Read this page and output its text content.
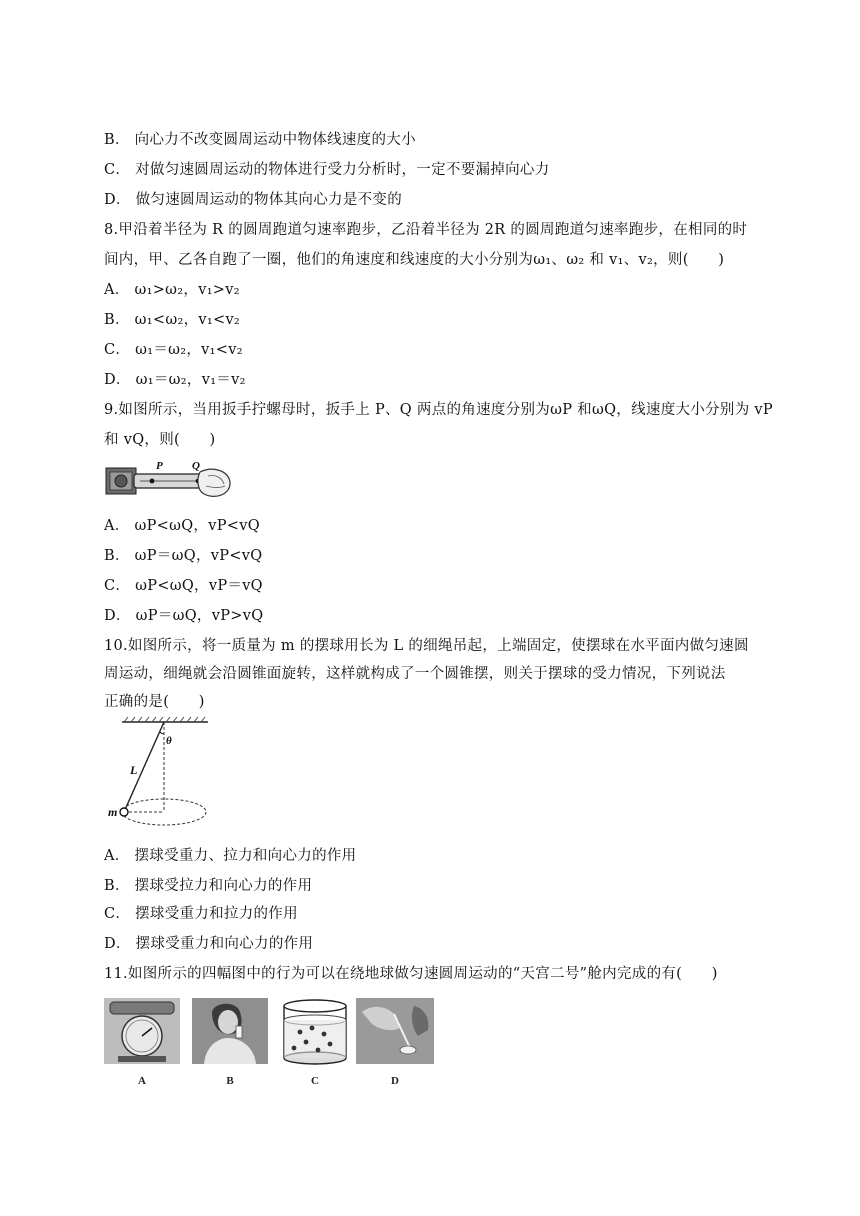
B． 向心力不改变圆周运动中物体线速度的大小
C． 对做匀速圆周运动的物体进行受力分析时，一定不要漏掉向心力
D． 做匀速圆周运动的物体其向心力是不变的
8.甲沿着半径为 R 的圆周跑道匀速率跑步，乙沿着半径为 2R 的圆周跑道匀速率跑步，在相同的时
间内，甲、乙各自跑了一圈，他们的角速度和线速度的大小分别为ω₁、ω₂ 和 v₁、v₂，则(　　)
A． ω₁>ω₂，v₁>v₂
B． ω₁<ω₂，v₁<v₂
C． ω₁＝ω₂，v₁<v₂
D． ω₁＝ω₂，v₁＝v₂
9.如图所示，当用扳手拧螺母时，扳手上 P、Q 两点的角速度分别为ωP 和ωQ，线速度大小分别为 vP
和 vQ，则(　　)
P	Q
A． ωP<ωQ，vP<vQ
B． ωP＝ωQ，vP<vQ
C． ωP<ωQ，vP＝vQ
D． ωP＝ωQ，vP>vQ
10.如图所示，将一质量为 m 的摆球用长为 L 的细绳吊起，上端固定，使摆球在水平面内做匀速圆
周运动，细绳就会沿圆锥面旋转，这样就构成了一个圆锥摆，则关于摆球的受力情况，下列说法
正确的是(　　)
θ
L
m
A． 摆球受重力、拉力和向心力的作用
B． 摆球受拉力和向心力的作用
C． 摆球受重力和拉力的作用
D． 摆球受重力和向心力的作用
11.如图所示的四幅图中的行为可以在绕地球做匀速圆周运动的“天宫二号”舱内完成的有(　　)
A	B	C	D
